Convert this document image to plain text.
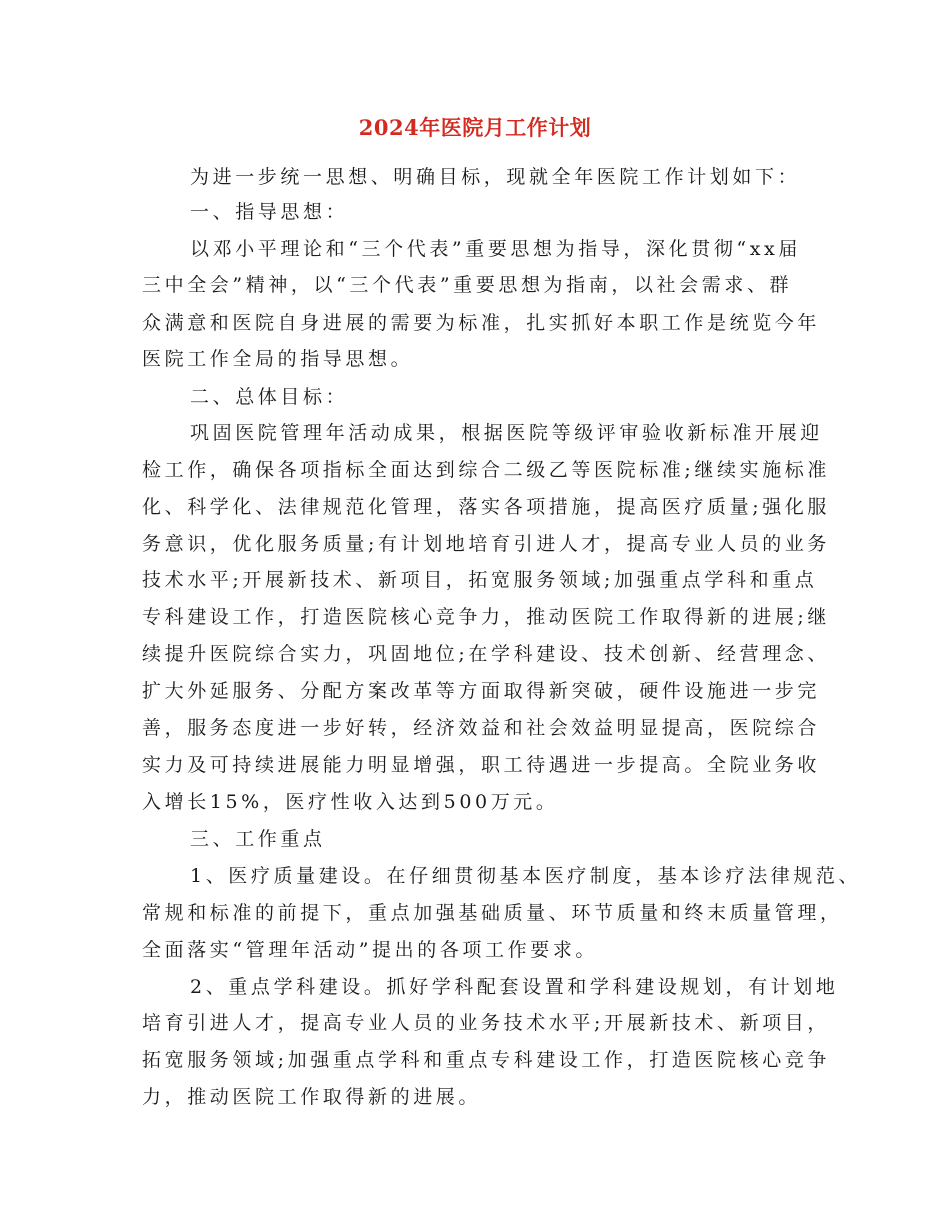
2024年医院月工作计划
为进一步统一思想、明确目标，现就全年医院工作计划如下：
一、指导思想：
以邓小平理论和“三个代表”重要思想为指导，深化贯彻“xx届
三中全会”精神，以“三个代表”重要思想为指南，以社会需求、群
众满意和医院自身进展的需要为标准，扎实抓好本职工作是统览今年
医院工作全局的指导思想。
二、总体目标：
巩固医院管理年活动成果，根据医院等级评审验收新标准开展迎
检工作，确保各项指标全面达到综合二级乙等医院标准;继续实施标准
化、科学化、法律规范化管理，落实各项措施，提高医疗质量;强化服
务意识，优化服务质量;有计划地培育引进人才，提高专业人员的业务
技术水平;开展新技术、新项目，拓宽服务领域;加强重点学科和重点
专科建设工作，打造医院核心竞争力，推动医院工作取得新的进展;继
续提升医院综合实力，巩固地位;在学科建设、技术创新、经营理念、
扩大外延服务、分配方案改革等方面取得新突破，硬件设施进一步完
善，服务态度进一步好转，经济效益和社会效益明显提高，医院综合
实力及可持续进展能力明显增强，职工待遇进一步提高。全院业务收
入增长15%，医疗性收入达到500万元。
三、工作重点
1、医疗质量建设。在仔细贯彻基本医疗制度，基本诊疗法律规范、
常规和标准的前提下，重点加强基础质量、环节质量和终末质量管理，
全面落实“管理年活动”提出的各项工作要求。
2、重点学科建设。抓好学科配套设置和学科建设规划，有计划地
培育引进人才，提高专业人员的业务技术水平;开展新技术、新项目，
拓宽服务领域;加强重点学科和重点专科建设工作，打造医院核心竞争
力，推动医院工作取得新的进展。
